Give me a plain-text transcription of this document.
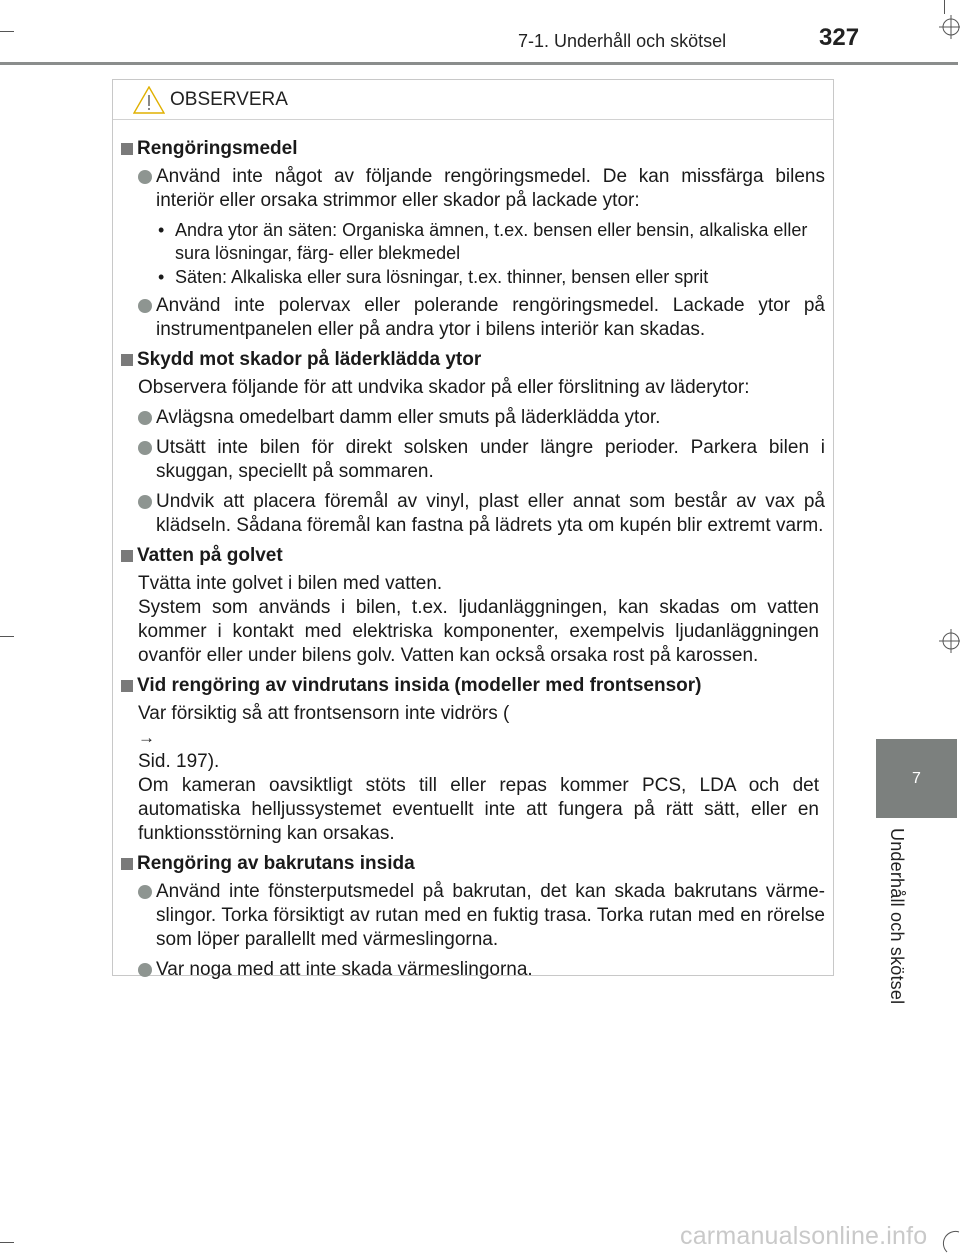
7-1. Underhåll och skötsel	327
7
Underhåll och skötsel
OBSERVERA
Rengöringsmedel
Använd inte något av följande rengöringsmedel. De kan missfärga bilens interiör eller orsaka strimmor eller skador på lackade ytor:
• Andra ytor än säten: Organiska ämnen, t.ex. bensen eller bensin, alkaliska eller sura lösningar, färg- eller blekmedel
• Säten: Alkaliska eller sura lösningar, t.ex. thinner, bensen eller sprit
Använd inte polervax eller polerande rengöringsmedel. Lackade ytor på instrumentpanelen eller på andra ytor i bilens interiör kan skadas.
Skydd mot skador på läderklädda ytor
Observera följande för att undvika skador på eller förslitning av läderytor:
Avlägsna omedelbart damm eller smuts på läderklädda ytor.
Utsätt inte bilen för direkt solsken under längre perioder. Parkera bilen i skuggan, speciellt på sommaren.
Undvik att placera föremål av vinyl, plast eller annat som består av vax på klädseln. Sådana föremål kan fastna på lädrets yta om kupén blir extremt varm.
Vatten på golvet
Tvätta inte golvet i bilen med vatten.
System som används i bilen, t.ex. ljudanläggningen, kan skadas om vatten kommer i kontakt med elektriska komponenter, exempelvis ljudanläggningen ovanför eller under bilens golv. Vatten kan också orsaka rost på karossen.
Vid rengöring av vindrutans insida (modeller med frontsensor)
Var försiktig så att frontsensorn inte vidrörs (
→
Sid. 197).
Om kameran oavsiktligt stöts till eller repas kommer PCS, LDA och det automatiska helljussystemet eventuellt inte att fungera på rätt sätt, eller en funktionsstörning kan orsakas.
Rengöring av bakrutans insida
Använd inte fönsterputsmedel på bakrutan, det kan skada bakrutans värme-slingor. Torka försiktigt av rutan med en fuktig trasa. Torka rutan med en rörelse som löper parallellt med värmeslingorna.
Var noga med att inte skada värmeslingorna.
carmanualsonline.info
